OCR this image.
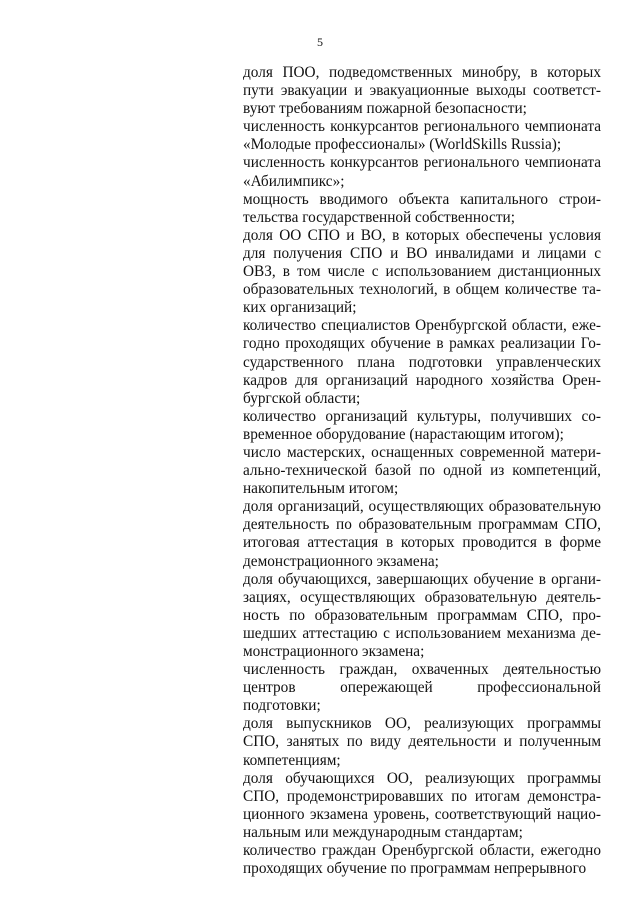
5

доля ПОО, подведомственных минобру, в которых пути эвакуации и эвакуационные выходы соответствуют требованиям пожарной безопасности;

численность конкурсантов регионального чемпионата «Молодые профессионалы» (WorldSkills Russia);

численность конкурсантов регионального чемпионата «Абилимпикс»;

мощность вводимого объекта капитального строительства государственной собственности;

доля ОО СПО и ВО, в которых обеспечены условия для получения СПО и ВО инвалидами и лицами с ОВЗ, в том числе с использованием дистанционных образовательных технологий, в общем количестве таких организаций;

количество специалистов Оренбургской области, ежегодно проходящих обучение в рамках реализации Государственного плана подготовки управленческих кадров для организаций народного хозяйства Оренбургской области;

количество организаций культуры, получивших современное оборудование (нарастающим итогом);

число мастерских, оснащенных современной материально-технической базой по одной из компетенций, накопительным итогом;

доля организаций, осуществляющих образовательную деятельность по образовательным программам СПО, итоговая аттестация в которых проводится в форме демонстрационного экзамена;

доля обучающихся, завершающих обучение в организациях, осуществляющих образовательную деятельность по образовательным программам СПО, прошедших аттестацию с использованием механизма демонстрационного экзамена;

численность граждан, охваченных деятельностью центров опережающей профессиональной подготовки;

доля выпускников ОО, реализующих программы СПО, занятых по виду деятельности и полученным компетенциям;

доля обучающихся ОО, реализующих программы СПО, продемонстрировавших по итогам демонстрационного экзамена уровень, соответствующий национальным или международным стандартам;

количество граждан Оренбургской области, ежегодно проходящих обучение по программам непрерывного
